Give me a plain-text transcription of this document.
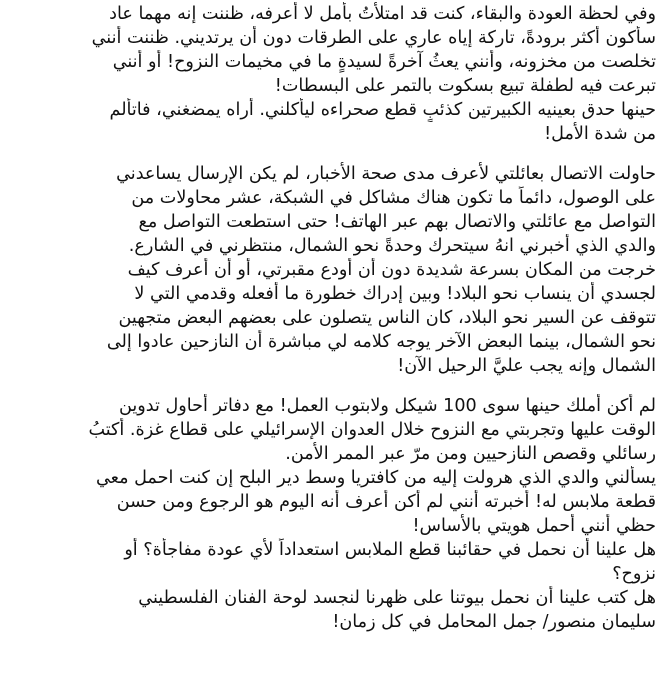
وفي لحظة العودة والبقاء، كنت قد امتلأتُ بأمل لا أعرفه، ظننت إنه مهما عاد
سأكون أكثر برودةً، تاركة إياه عاري على الطرقات دون أن يرتديني. ظننت أنني
تخلصت من مخزونه، وأنني يعثُ آخرةً لسيدةٍ ما في مخيمات النزوح! أو أنني
تبرعت فيه لطفلة تبيع بسكوت بالتمر على البسطات!
حينها حدق بعينيه الكبيرتين كذئبٍ قطع صحراءه ليأكلني. أراه يمضغني، فاتألم
من شدة الأمل!
حاولت الاتصال بعائلتي لأعرف مدى صحة الأخبار، لم يكن الإرسال يساعدني
على الوصول، دائماً ما تكون هناك مشاكل في الشبكة، عشر محاولات من
التواصل مع عائلتي والاتصال بهم عبر الهاتف! حتى استطعت التواصل مع
والدي الذي أخبرني انهُ سيتحرك وحدةً نحو الشمال، منتظرني في الشارع.
خرجت من المكان بسرعة شديدة دون أن أودع مقبرتي، أو أن أعرف كيف
لجسدي أن ينساب نحو البلاد! وبين إدراك خطورة ما أفعله وقدمي التي لا
تتوقف عن السير نحو البلاد، كان الناس يتصلون على بعضهم البعض متجهين
نحو الشمال، بينما البعض الآخر يوجه كلامه لي مباشرة أن النازحين عادوا إلى
الشمال وإنه يجب عليَّ الرحيل الآن!
لم أكن أملك حينها سوى 100 شيكل ولابتوب العمل! مع دفاتر أحاول تدوين
الوقت عليها وتجربتي مع النزوح خلال العدوان الإسرائيلي على قطاع غزة. أكتبُ
رسائلي وقصص النازحيين ومن مرّ عبر الممر الأمن.
يسألني والدي الذي هرولت إليه من كافتريا وسط دير البلح إن كنت احمل معي
قطعة ملابس له! أخبرته أنني لم أكن أعرف أنه اليوم هو الرجوع ومن حسن
حظي أنني أحمل هويتي بالأساس!
هل علينا أن نحمل في حقائبنا قطع الملابس استعداداً لأي عودة مفاجأة؟ أو
نزوح؟
هل كتب علينا أن نحمل بيوتنا على ظهرنا لنجسد لوحة الفنان الفلسطيني
سليمان منصور/ جمل المحامل في كل زمان!
